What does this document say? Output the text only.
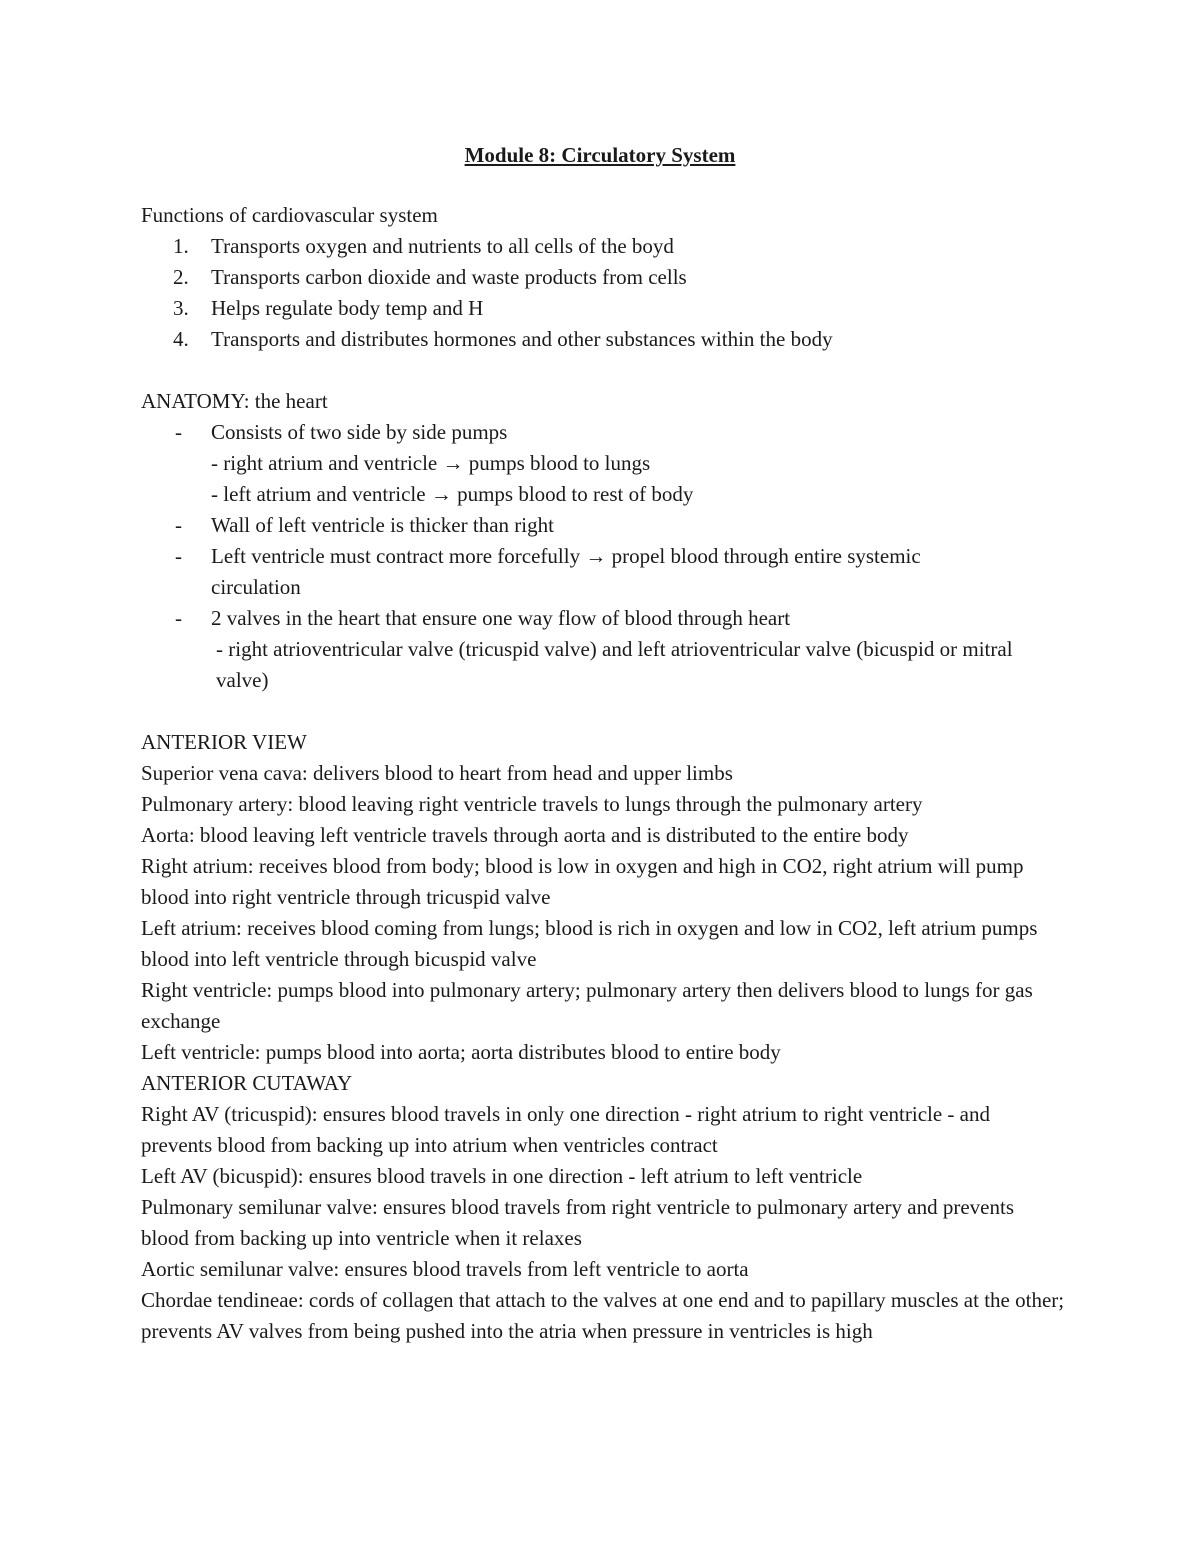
Module 8: Circulatory System

Functions of cardiovascular system

1. Transports oxygen and nutrients to all cells of the boyd
2. Transports carbon dioxide and waste products from cells
3. Helps regulate body temp and H
4. Transports and distributes hormones and other substances within the body

ANATOMY: the heart

- Consists of two side by side pumps
- right atrium and ventricle → pumps blood to lungs
- left atrium and ventricle → pumps blood to rest of body
- Wall of left ventricle is thicker than right
- Left ventricle must contract more forcefully → propel blood through entire systemic circulation
- 2 valves in the heart that ensure one way flow of blood through heart
- right atrioventricular valve (tricuspid valve) and left atrioventricular valve (bicuspid or mitral valve)

ANTERIOR VIEW

Superior vena cava: delivers blood to heart from head and upper limbs

Pulmonary artery: blood leaving right ventricle travels to lungs through the pulmonary artery

Aorta: blood leaving left ventricle travels through aorta and is distributed to the entire body

Right atrium: receives blood from body; blood is low in oxygen and high in CO2, right atrium will pump blood into right ventricle through tricuspid valve

Left atrium: receives blood coming from lungs; blood is rich in oxygen and low in CO2, left atrium pumps blood into left ventricle through bicuspid valve

Right ventricle: pumps blood into pulmonary artery; pulmonary artery then delivers blood to lungs for gas exchange

Left ventricle: pumps blood into aorta; aorta distributes blood to entire body

ANTERIOR CUTAWAY

Right AV (tricuspid): ensures blood travels in only one direction - right atrium to right ventricle - and prevents blood from backing up into atrium when ventricles contract

Left AV (bicuspid): ensures blood travels in one direction - left atrium to left ventricle

Pulmonary semilunar valve: ensures blood travels from right ventricle to pulmonary artery and prevents blood from backing up into ventricle when it relaxes

Aortic semilunar valve: ensures blood travels from left ventricle to aorta

Chordae tendineae: cords of collagen that attach to the valves at one end and to papillary muscles at the other; prevents AV valves from being pushed into the atria when pressure in ventricles is high
